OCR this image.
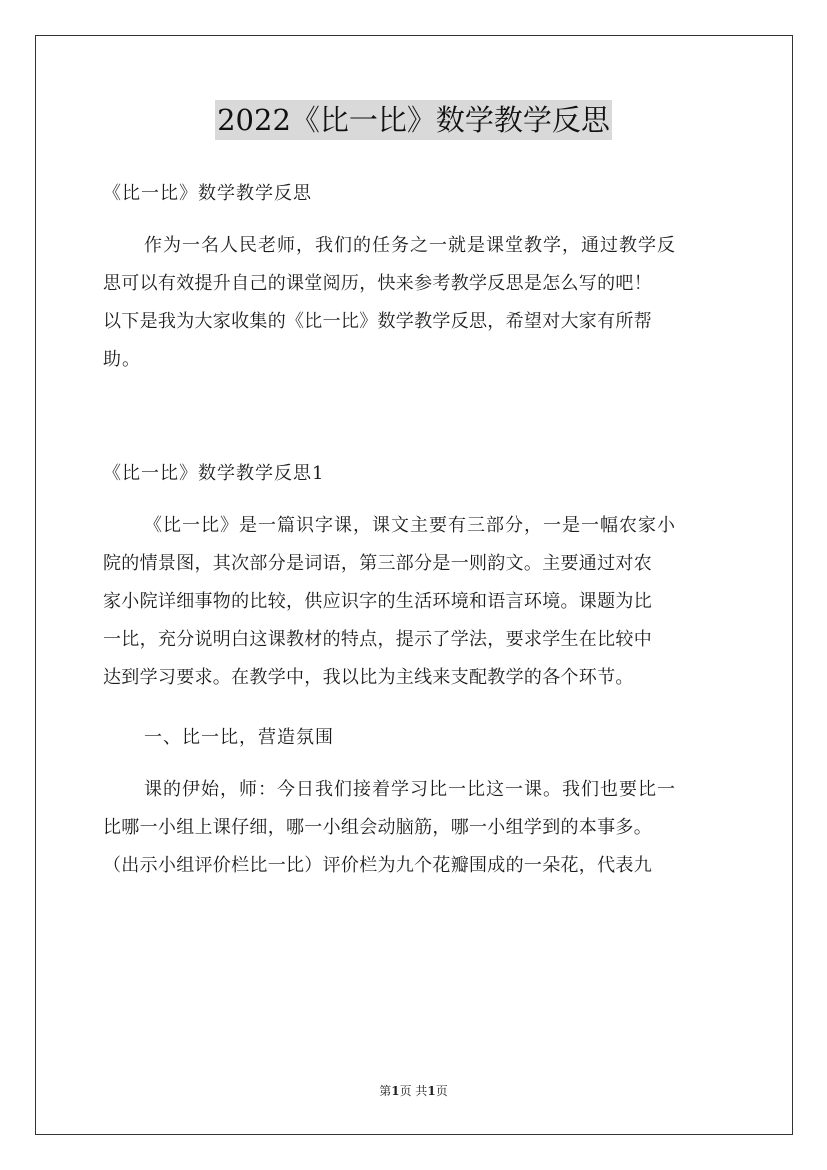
2022《比一比》数学教学反思
《比一比》数学教学反思
作为一名人民老师，我们的任务之一就是课堂教学，通过教学反
思可以有效提升自己的课堂阅历，快来参考教学反思是怎么写的吧！
以下是我为大家收集的《比一比》数学教学反思，希望对大家有所帮
助。
《比一比》数学教学反思1
《比一比》是一篇识字课，课文主要有三部分，一是一幅农家小
院的情景图，其次部分是词语，第三部分是一则韵文。主要通过对农
家小院详细事物的比较，供应识字的生活环境和语言环境。课题为比
一比，充分说明白这课教材的特点，提示了学法，要求学生在比较中
达到学习要求。在教学中，我以比为主线来支配教学的各个环节。
一、比一比，营造氛围
课的伊始，师：今日我们接着学习比一比这一课。我们也要比一
比哪一小组上课仔细，哪一小组会动脑筋，哪一小组学到的本事多。
（出示小组评价栏比一比）评价栏为九个花瓣围成的一朵花，代表九
第1页 共1页
